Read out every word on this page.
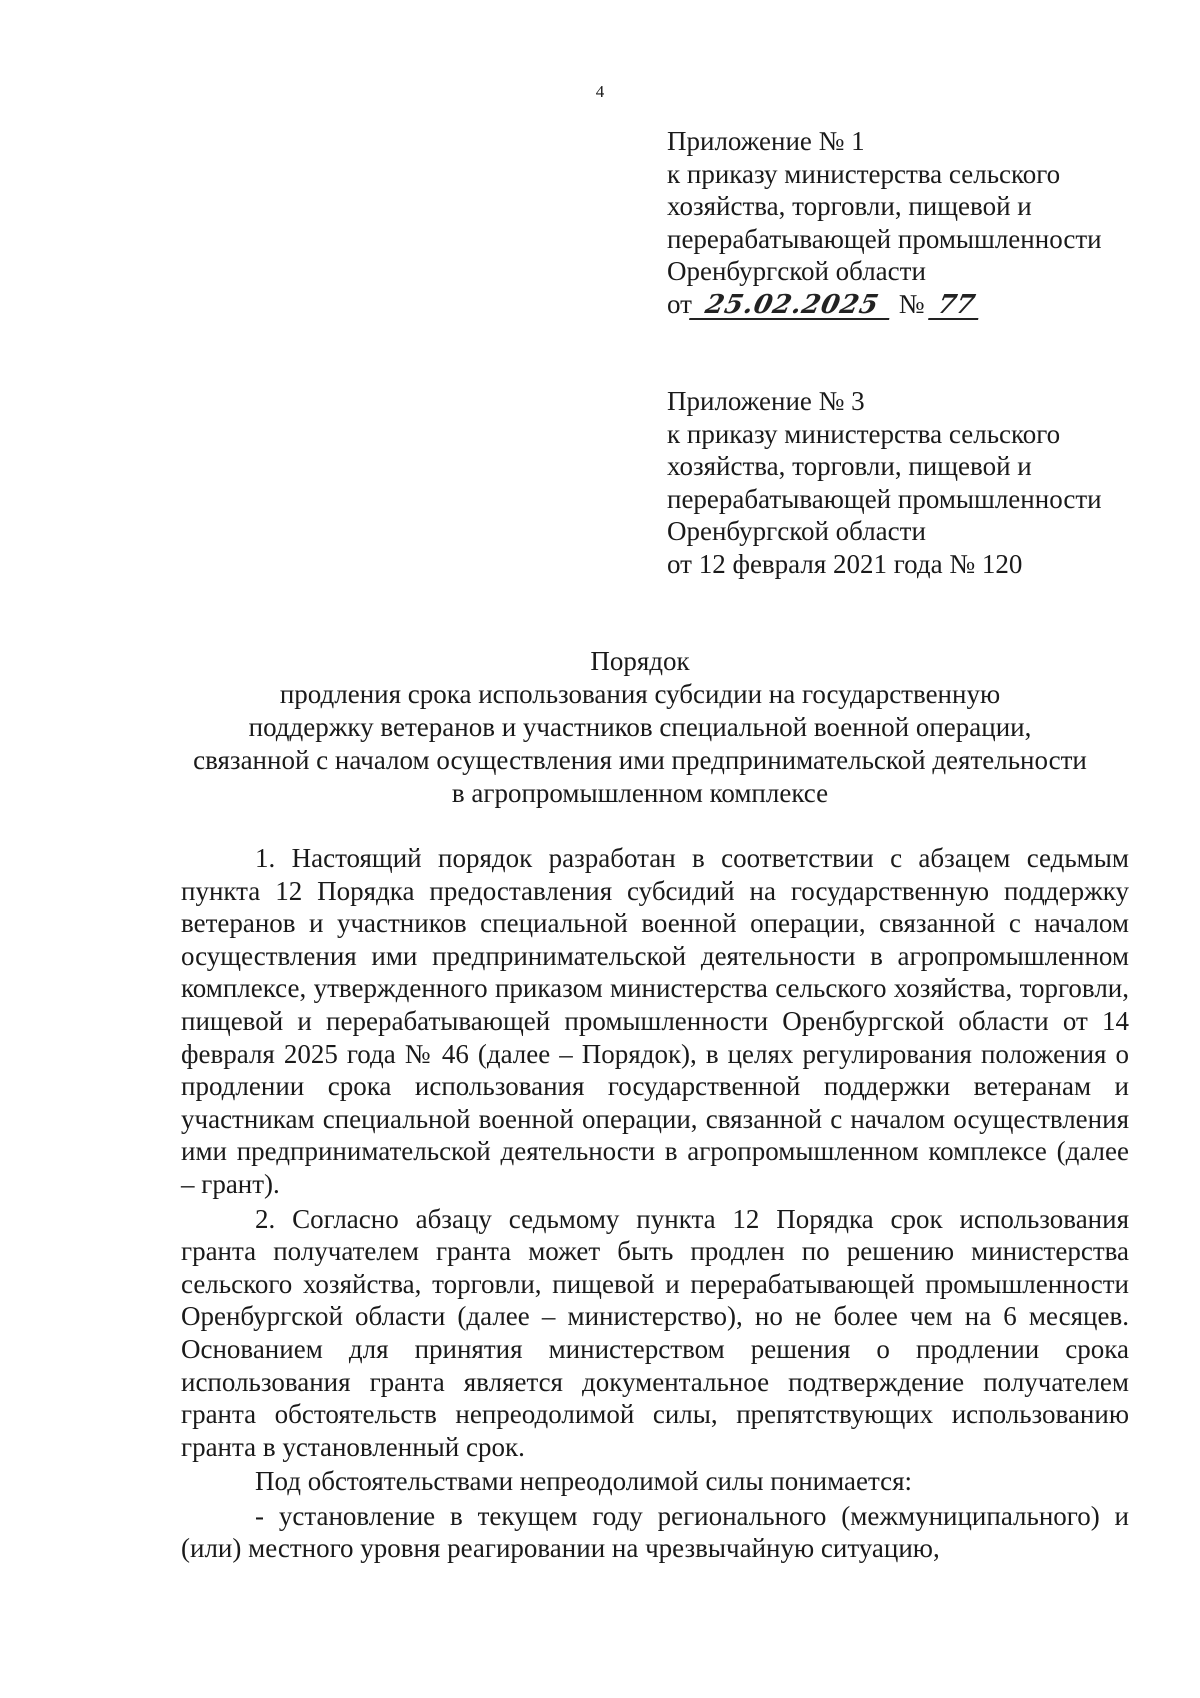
4
Приложение № 1
к приказу министерства сельского
хозяйства, торговли, пищевой и
перерабатывающей промышленности
Оренбургской области
от 25.02.2025 № 77
Приложение № 3
к приказу министерства сельского
хозяйства, торговли, пищевой и
перерабатывающей промышленности
Оренбургской области
от 12 февраля 2021 года № 120
Порядок
продления срока использования субсидии на государственную
поддержку ветеранов и участников специальной военной операции,
связанной с началом осуществления ими предпринимательской деятельности
в агропромышленном комплексе

1. Настоящий порядок разработан в соответствии с абзацем седьмым пункта 12 Порядка предоставления субсидий на государственную поддержку ветеранов и участников специальной военной операции, связанной с началом осуществления ими предпринимательской деятельности в агропромышленном комплексе, утвержденного приказом министерства сельского хозяйства, торговли, пищевой и перерабатывающей промышленности Оренбургской области от 14 февраля 2025 года № 46 (далее – Порядок), в целях регулирования положения о продлении срока использования государственной поддержки ветеранам и участникам специальной военной операции, связанной с началом осуществления ими предпринимательской деятельности в агропромышленном комплексе (далее – грант).

2. Согласно абзацу седьмому пункта 12 Порядка срок использования гранта получателем гранта может быть продлен по решению министерства сельского хозяйства, торговли, пищевой и перерабатывающей промышленности Оренбургской области (далее – министерство), но не более чем на 6 месяцев. Основанием для принятия министерством решения о продлении срока использования гранта является документальное подтверждение получателем гранта обстоятельств непреодолимой силы, препятствующих использованию гранта в установленный срок.

Под обстоятельствами непреодолимой силы понимается:

- установление в текущем году регионального (межмуниципального) и (или) местного уровня реагировании на чрезвычайную ситуацию,
